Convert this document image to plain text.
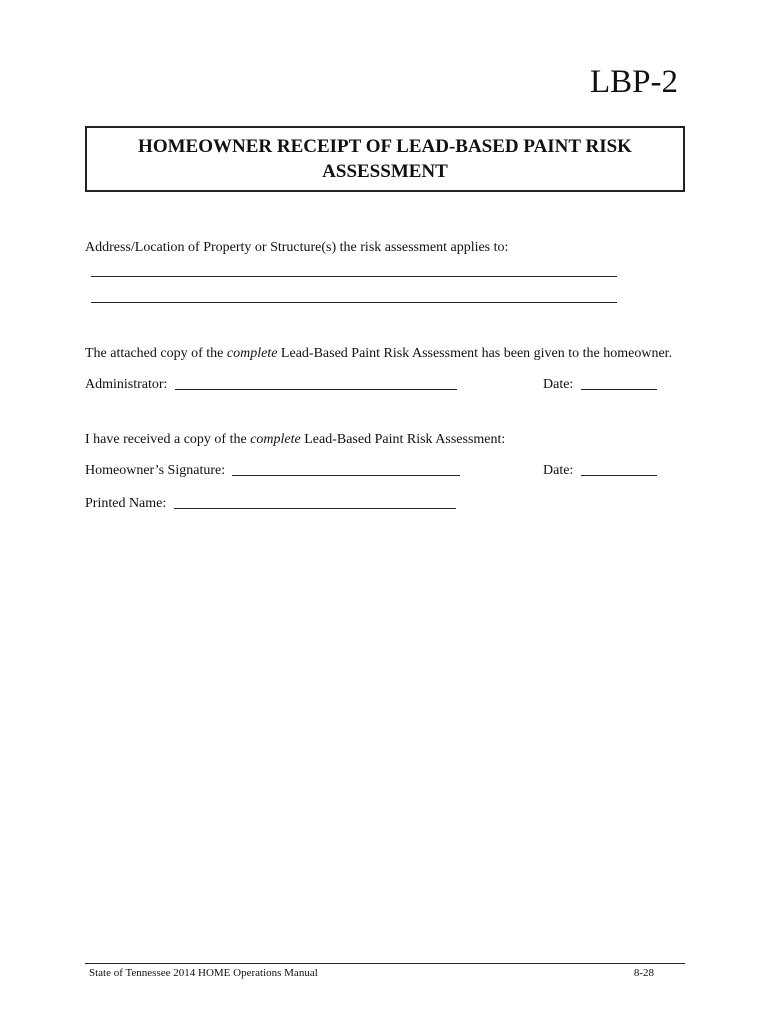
LBP-2
HOMEOWNER RECEIPT OF LEAD-BASED PAINT RISK ASSESSMENT
Address/Location of Property or Structure(s) the risk assessment applies to:
The attached copy of the complete Lead-Based Paint Risk Assessment has been given to the homeowner.
Administrator:	Date:
I have received a copy of the complete Lead-Based Paint Risk Assessment:
Homeowner’s Signature:	Date:
Printed Name:
State of Tennessee 2014 HOME Operations Manual	8-28
